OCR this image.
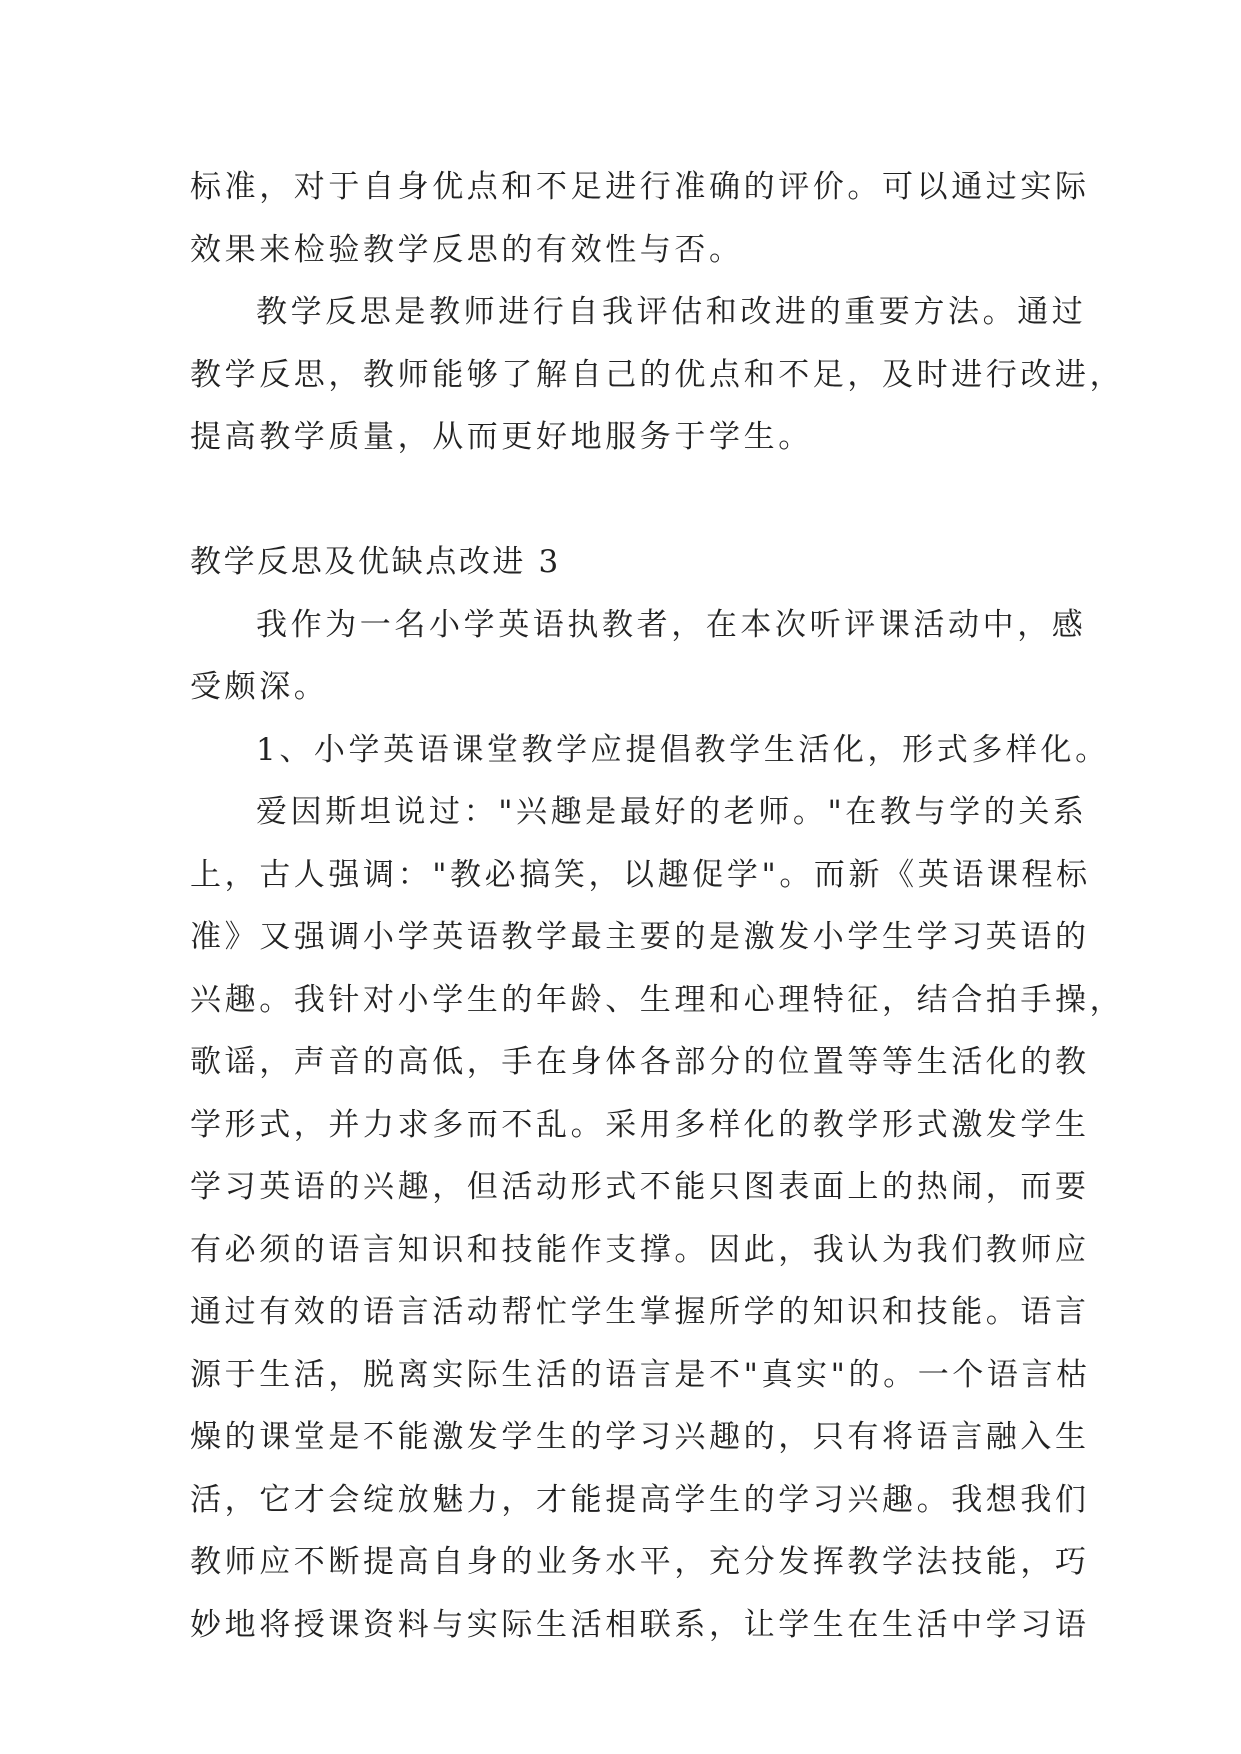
标准，对于自身优点和不足进行准确的评价。可以通过实际
效果来检验教学反思的有效性与否。
教学反思是教师进行自我评估和改进的重要方法。通过
教学反思，教师能够了解自己的优点和不足，及时进行改进，
提高教学质量，从而更好地服务于学生。
教学反思及优缺点改进 3
我作为一名小学英语执教者，在本次听评课活动中，感
受颇深。
1、小学英语课堂教学应提倡教学生活化，形式多样化。
爱因斯坦说过："兴趣是最好的老师。"在教与学的关系
上，古人强调："教必搞笑，以趣促学"。而新《英语课程标
准》又强调小学英语教学最主要的是激发小学生学习英语的
兴趣。我针对小学生的年龄、生理和心理特征，结合拍手操，
歌谣，声音的高低，手在身体各部分的位置等等生活化的教
学形式，并力求多而不乱。采用多样化的教学形式激发学生
学习英语的兴趣，但活动形式不能只图表面上的热闹，而要
有必须的语言知识和技能作支撑。因此，我认为我们教师应
通过有效的语言活动帮忙学生掌握所学的知识和技能。语言
源于生活，脱离实际生活的语言是不"真实"的。一个语言枯
燥的课堂是不能激发学生的学习兴趣的，只有将语言融入生
活，它才会绽放魅力，才能提高学生的学习兴趣。我想我们
教师应不断提高自身的业务水平，充分发挥教学法技能，巧
妙地将授课资料与实际生活相联系，让学生在生活中学习语
